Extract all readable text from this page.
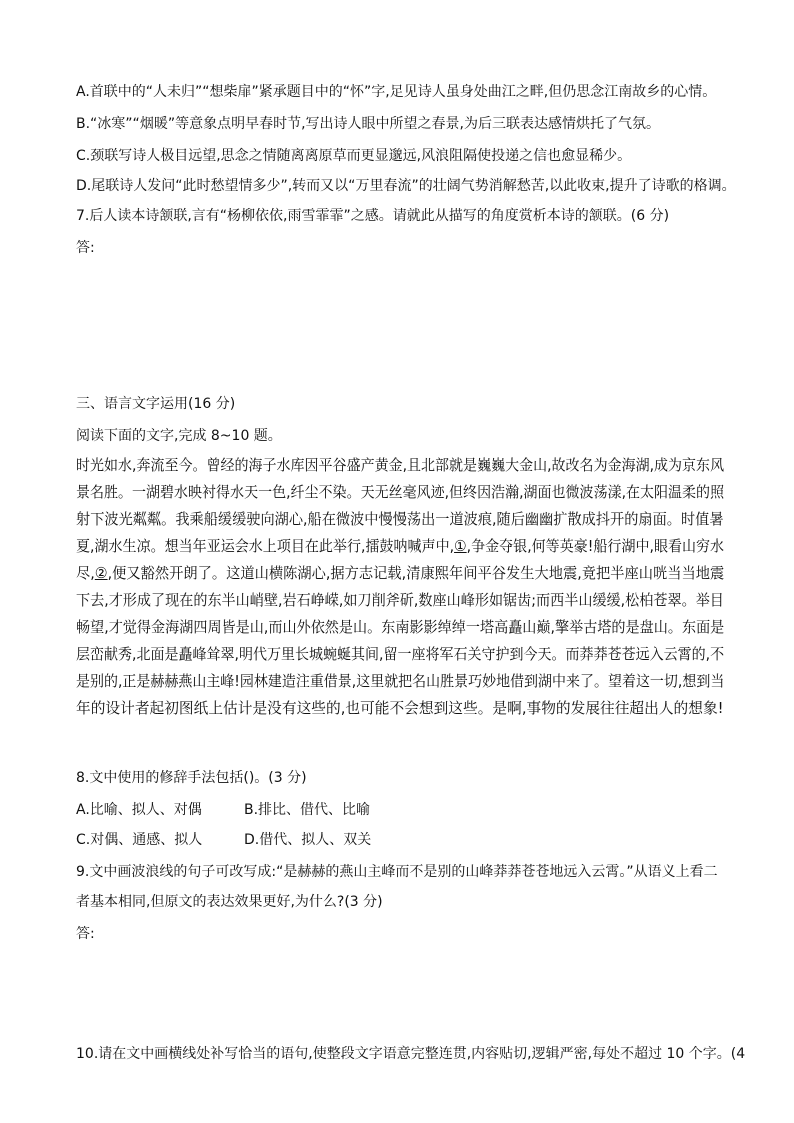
A.首联中的“人未归”“想柴扉”紧承题目中的“怀”字,足见诗人虽身处曲江之畔,但仍思念江南故乡的心情。

B.“冰寒”“烟暖”等意象点明早春时节,写出诗人眼中所望之春景,为后三联表达感情烘托了气氛。

C.颈联写诗人极目远望,思念之情随离离原草而更显邈远,风浪阻隔使投递之信也愈显稀少。

D.尾联诗人发问“此时愁望情多少”,转而又以“万里春流”的壮阔气势消解愁苦,以此收束,提升了诗歌的格调。

7.后人读本诗颔联,言有“杨柳依依,雨雪霏霏”之感。请就此从描写的角度赏析本诗的颔联。(6 分)

答:

三、语言文字运用(16 分)

阅读下面的文字,完成 8~10 题。

时光如水,奔流至今。曾经的海子水库因平谷盛产黄金,且北部就是巍巍大金山,故改名为金海湖,成为京东风

景名胜。一湖碧水映衬得水天一色,纤尘不染。天无丝毫风迹,但终因浩瀚,湖面也微波荡漾,在太阳温柔的照

射下波光粼粼。我乘船缓缓驶向湖心,船在微波中慢慢荡出一道波痕,随后幽幽扩散成抖开的扇面。时值暑

夏,湖水生凉。想当年亚运会水上项目在此举行,擂鼓呐喊声中,①,争金夺银,何等英豪!船行湖中,眼看山穷水

尽,②,便又豁然开朗了。这道山横陈湖心,据方志记载,清康熙年间平谷发生大地震,竟把半座山咣当当地震

下去,才形成了现在的东半山峭壁,岩石峥嵘,如刀削斧斫,数座山峰形如锯齿;而西半山缓缓,松柏苍翠。举目

畅望,才觉得金海湖四周皆是山,而山外依然是山。东南影影绰绰一塔高矗山巅,擎举古塔的是盘山。东面是

层峦献秀,北面是矗峰耸翠,明代万里长城蜿蜒其间,留一座将军石关守护到今天。而莽莽苍苍远入云霄的,不

是别的,正是赫赫燕山主峰!园林建造注重借景,这里就把名山胜景巧妙地借到湖中来了。望着这一切,想到当

年的设计者起初图纸上估计是没有这些的,也可能不会想到这些。是啊,事物的发展往往超出人的想象!

8.文中使用的修辞手法包括()。(3 分)

A.比喻、拟人、对偶	B.排比、借代、比喻
C.对偶、通感、拟人	D.借代、拟人、双关

9.文中画波浪线的句子可改写成:“是赫赫的燕山主峰而不是别的山峰莽莽苍苍地远入云霄。”从语义上看二

者基本相同,但原文的表达效果更好,为什么?(3 分)

答:

10.请在文中画横线处补写恰当的语句,使整段文字语意完整连贯,内容贴切,逻辑严密,每处不超过 10 个字。(4
